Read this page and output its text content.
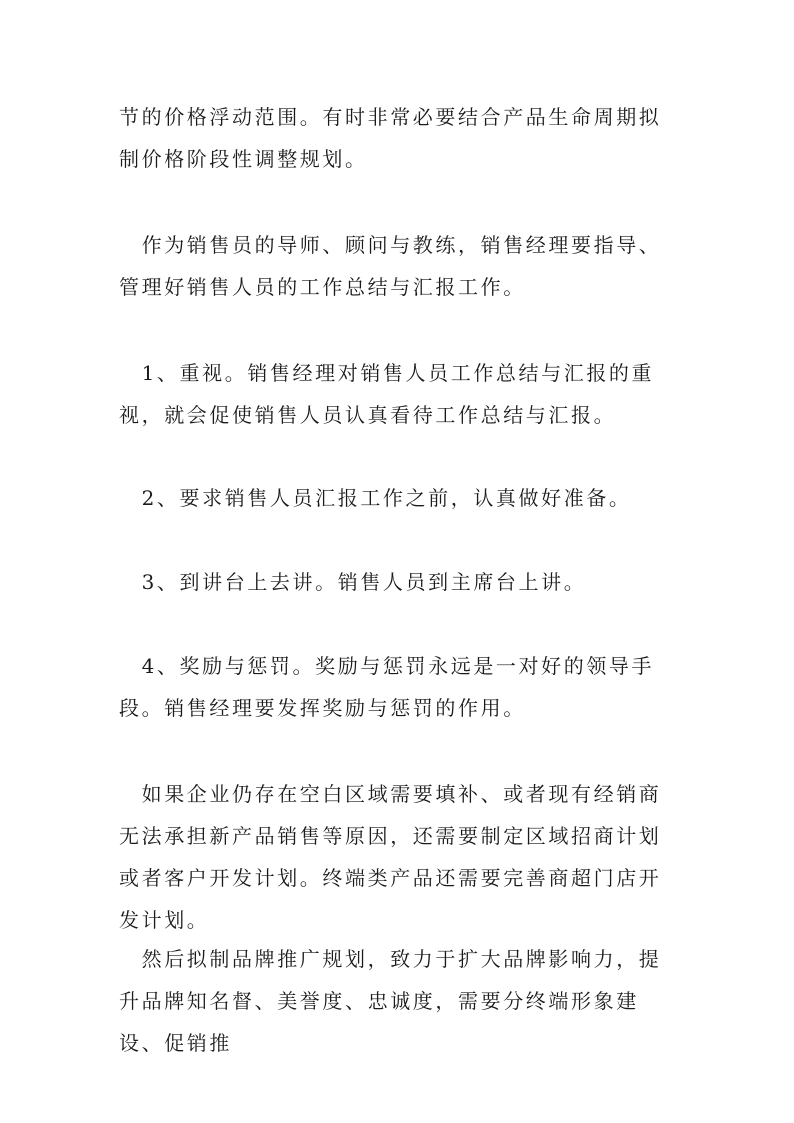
节的价格浮动范围。有时非常必要结合产品生命周期拟制价格阶段性调整规划。

　作为销售员的导师、顾问与教练，销售经理要指导、管理好销售人员的工作总结与汇报工作。

　1、重视。销售经理对销售人员工作总结与汇报的重视，就会促使销售人员认真看待工作总结与汇报。

　2、要求销售人员汇报工作之前，认真做好准备。

　3、到讲台上去讲。销售人员到主席台上讲。

　4、奖励与惩罚。奖励与惩罚永远是一对好的领导手段。销售经理要发挥奖励与惩罚的作用。

　如果企业仍存在空白区域需要填补、或者现有经销商无法承担新产品销售等原因，还需要制定区域招商计划或者客户开发计划。终端类产品还需要完善商超门店开发计划。

　然后拟制品牌推广规划，致力于扩大品牌影响力，提升品牌知名督、美誉度、忠诚度，需要分终端形象建设、促销推
